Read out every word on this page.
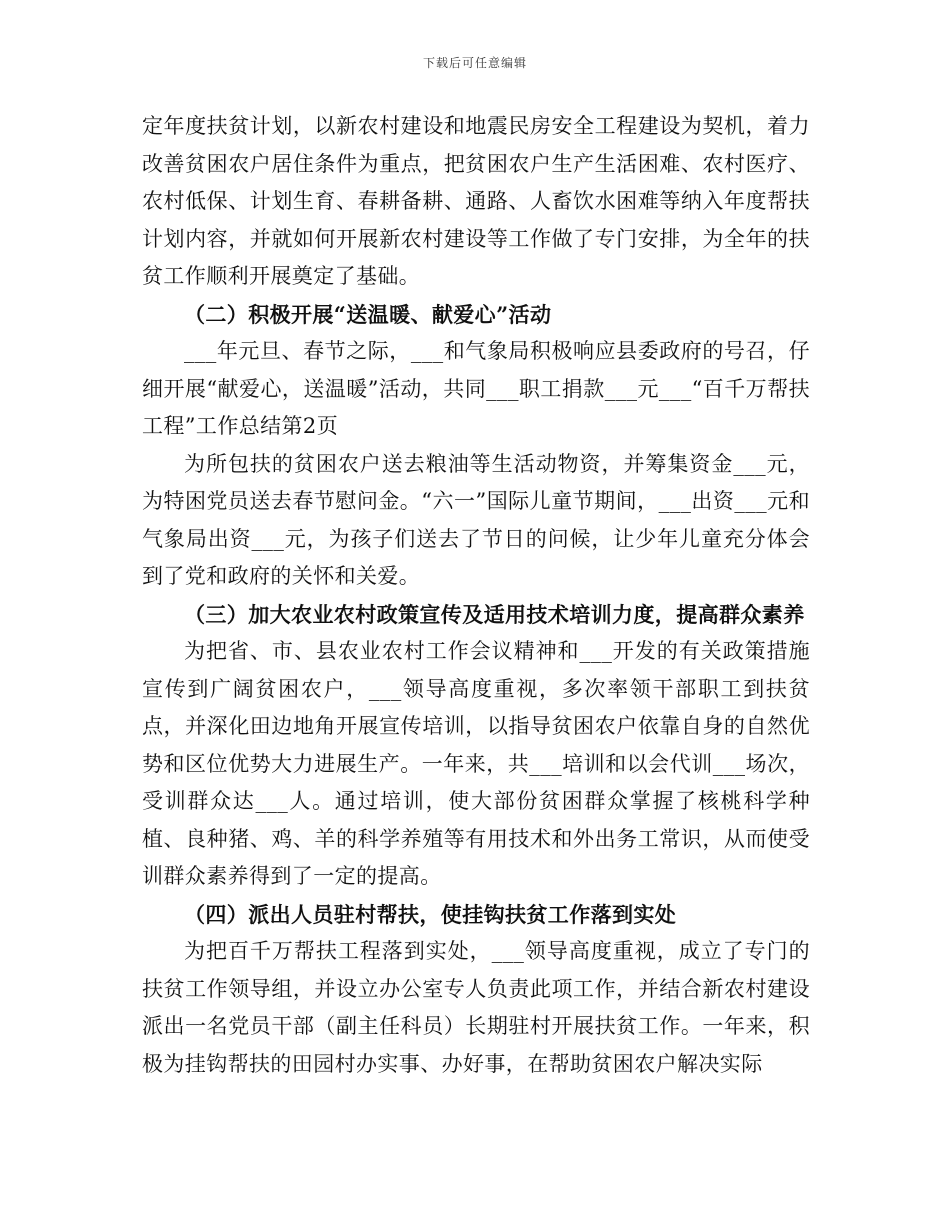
下载后可任意编辑

定年度扶贫计划，以新农村建设和地震民房安全工程建设为契机，着力改善贫困农户居住条件为重点，把贫困农户生产生活困难、农村医疗、农村低保、计划生育、春耕备耕、通路、人畜饮水困难等纳入年度帮扶计划内容，并就如何开展新农村建设等工作做了专门安排，为全年的扶贫工作顺利开展奠定了基础。

（二）积极开展“送温暖、献爱心”活动

___年元旦、春节之际，___和气象局积极响应县委政府的号召，仔细开展“献爱心，送温暖”活动，共同___职工捐款___元___“百千万帮扶工程”工作总结第2页

为所包扶的贫困农户送去粮油等生活动物资，并筹集资金___元，为特困党员送去春节慰问金。“六一”国际儿童节期间，___出资___元和气象局出资___元，为孩子们送去了节日的问候，让少年儿童充分体会到了党和政府的关怀和关爱。

（三）加大农业农村政策宣传及适用技术培训力度，提高群众素养

为把省、市、县农业农村工作会议精神和___开发的有关政策措施宣传到广阔贫困农户，___领导高度重视，多次率领干部职工到扶贫点，并深化田边地角开展宣传培训，以指导贫困农户依靠自身的自然优势和区位优势大力进展生产。一年来，共___培训和以会代训___场次，受训群众达___人。通过培训，使大部份贫困群众掌握了核桃科学种植、良种猪、鸡、羊的科学养殖等有用技术和外出务工常识，从而使受训群众素养得到了一定的提高。

（四）派出人员驻村帮扶，使挂钩扶贫工作落到实处

为把百千万帮扶工程落到实处，___领导高度重视，成立了专门的扶贫工作领导组，并设立办公室专人负责此项工作，并结合新农村建设派出一名党员干部（副主任科员）长期驻村开展扶贫工作。一年来，积极为挂钩帮扶的田园村办实事、办好事，在帮助贫困农户解决实际
